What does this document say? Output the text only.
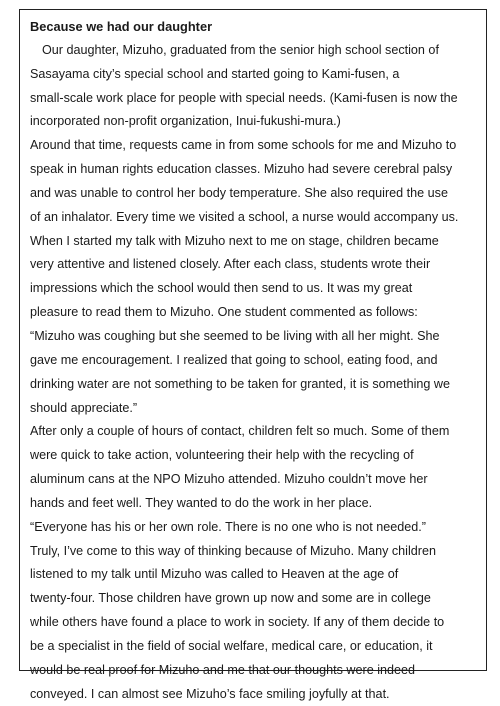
Because we had our daughter
Our daughter, Mizuho, graduated from the senior high school section of
Sasayama city’s special school and started going to Kami-fusen, a
small-scale work place for people with special needs. (Kami-fusen is now the
incorporated non-profit organization, Inui-fukushi-mura.)
Around that time, requests came in from some schools for me and Mizuho to
speak in human rights education classes. Mizuho had severe cerebral palsy
and was unable to control her body temperature. She also required the use
of an inhalator. Every time we visited a school, a nurse would accompany us.
When I started my talk with Mizuho next to me on stage, children became
very attentive and listened closely. After each class, students wrote their
impressions which the school would then send to us. It was my great
pleasure to read them to Mizuho. One student commented as follows:
“Mizuho was coughing but she seemed to be living with all her might. She
gave me encouragement. I realized that going to school, eating food, and
drinking water are not something to be taken for granted, it is something we
should appreciate.”
After only a couple of hours of contact, children felt so much. Some of them
were quick to take action, volunteering their help with the recycling of
aluminum cans at the NPO Mizuho attended. Mizuho couldn’t move her
hands and feet well. They wanted to do the work in her place.
“Everyone has his or her own role. There is no one who is not needed.”
Truly, I’ve come to this way of thinking because of Mizuho. Many children
listened to my talk until Mizuho was called to Heaven at the age of
twenty-four. Those children have grown up now and some are in college
while others have found a place to work in society. If any of them decide to
be a specialist in the field of social welfare, medical care, or education, it
would be real proof for Mizuho and me that our thoughts were indeed
conveyed. I can almost see Mizuho’s face smiling joyfully at that.
